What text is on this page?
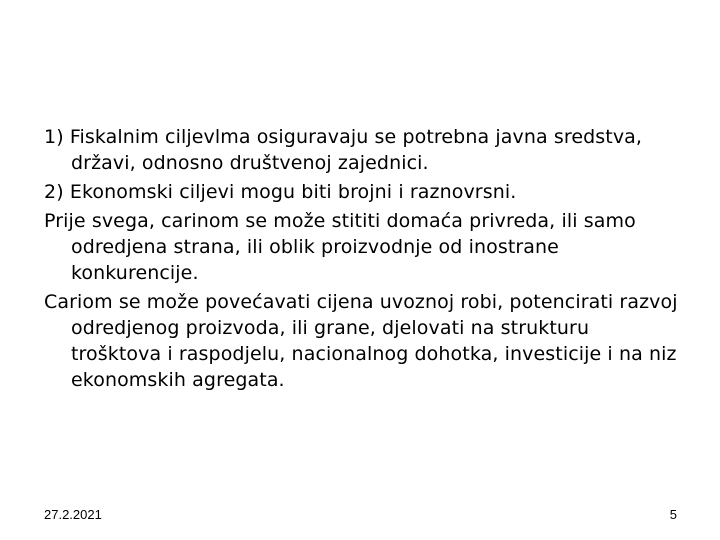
1) Fiskalnim ciljevlma osiguravaju se potrebna javna sredstva, državi, odnosno društvenoj zajednici.

2) Ekonomski ciljevi mogu biti brojni i raznovrsni.

Prije svega, carinom se može stititi domaća privreda, ili samo odredjena strana, ili oblik proizvodnje od inostrane konkurencije.

Cariom se može povećavati cijena uvoznoj robi, potencirati razvoj odredjenog proizvoda, ili grane, djelovati na strukturu trošktova i raspodjelu, nacionalnog dohotka, investicije i na niz ekonomskih agregata.

27.2.2021	5
